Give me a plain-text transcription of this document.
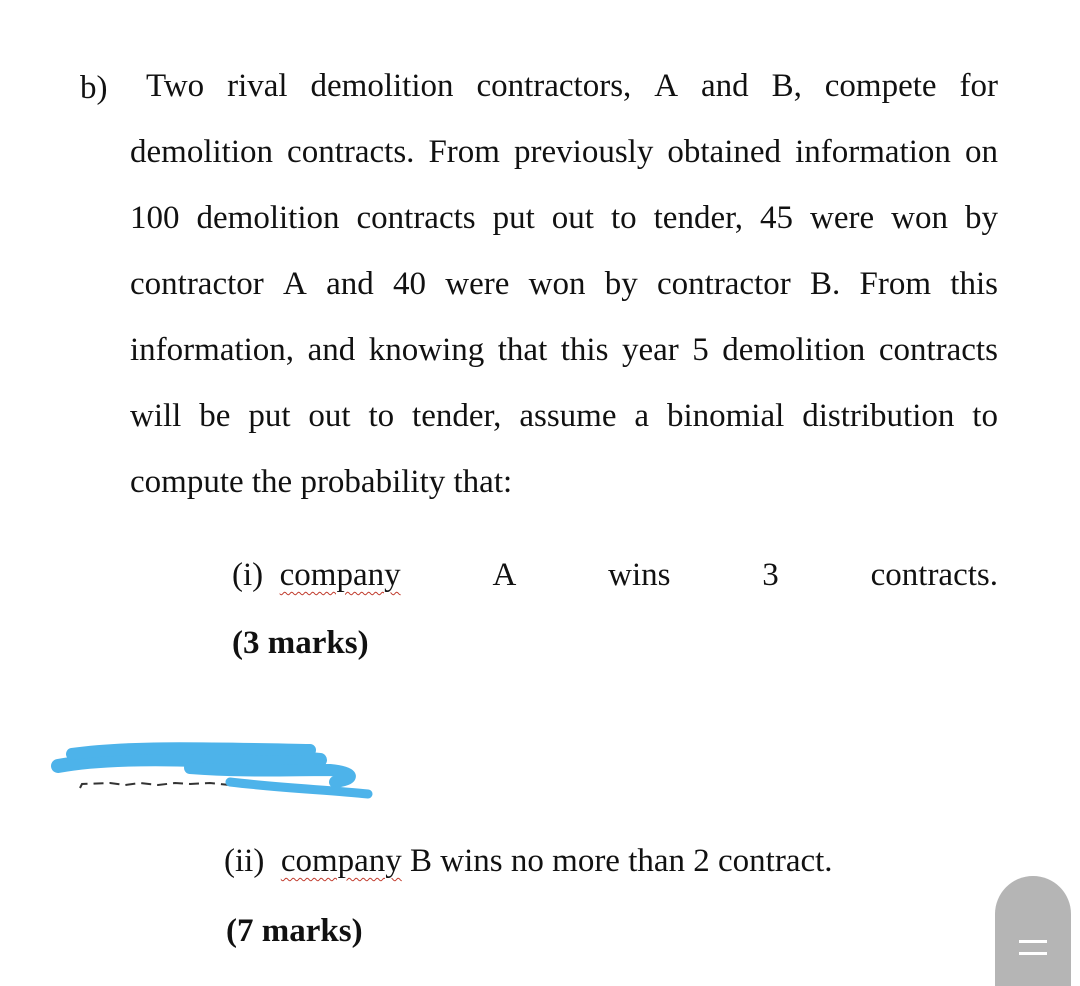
b) Two rival demolition contractors, A and B, compete for
demolition contracts. From previously obtained information on
100 demolition contracts put out to tender, 45 were won by
contractor A and 40 were won by contractor B. From this
information, and knowing that this year 5 demolition contracts
will be put out to tender, assume a binomial distribution to
compute the probability that:
(i) company	A	wins	3	contracts.
(3 marks)
(ii) company B wins no more than 2 contract.
(7 marks)
